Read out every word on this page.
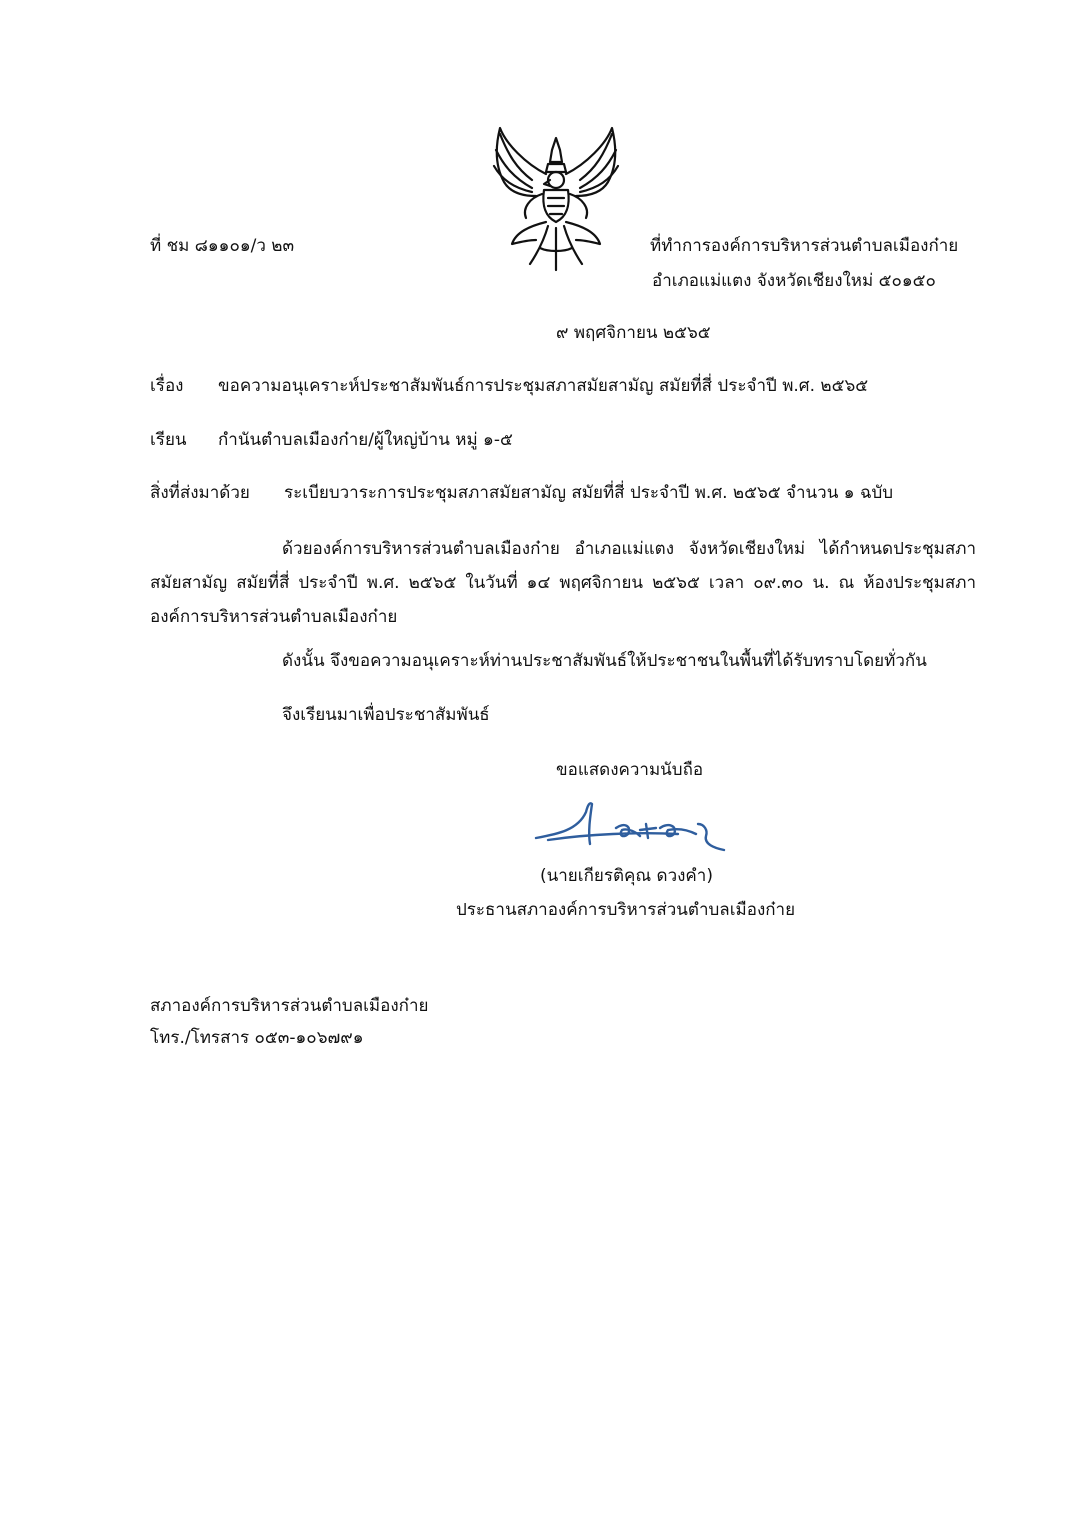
ที่ ชม ๘๑๑๐๑/ว ๒๓	ที่ทำการองค์การบริหารส่วนตำบลเมืองก๋าย
อำเภอแม่แตง จังหวัดเชียงใหม่ ๕๐๑๕๐
๙ พฤศจิกายน ๒๕๖๕
เรื่อง ขอความอนุเคราะห์ประชาสัมพันธ์การประชุมสภาสมัยสามัญ สมัยที่สี่ ประจำปี พ.ศ. ๒๕๖๕
เรียน กำนันตำบลเมืองก๋าย/ผู้ใหญ่บ้าน หมู่ ๑-๕
สิ่งที่ส่งมาด้วย ระเบียบวาระการประชุมสภาสมัยสามัญ สมัยที่สี่ ประจำปี พ.ศ. ๒๕๖๕ จำนวน ๑ ฉบับ
ด้วยองค์การบริหารส่วนตำบลเมืองก๋าย อำเภอแม่แตง จังหวัดเชียงใหม่ ได้กำหนดประชุมสภาสมัยสามัญ สมัยที่สี่ ประจำปี พ.ศ. ๒๕๖๕ ในวันที่ ๑๔ พฤศจิกายน ๒๕๖๕ เวลา ๐๙.๓๐ น. ณ ห้องประชุมสภาองค์การบริหารส่วนตำบลเมืองก๋าย
ดังนั้น จึงขอความอนุเคราะห์ท่านประชาสัมพันธ์ให้ประชาชนในพื้นที่ได้รับทราบโดยทั่วกัน
จึงเรียนมาเพื่อประชาสัมพันธ์
ขอแสดงความนับถือ
(นายเกียรติคุณ ดวงคำ)
ประธานสภาองค์การบริหารส่วนตำบลเมืองก๋าย
สภาองค์การบริหารส่วนตำบลเมืองก๋าย
โทร./โทรสาร ๐๕๓-๑๐๖๗๙๑
